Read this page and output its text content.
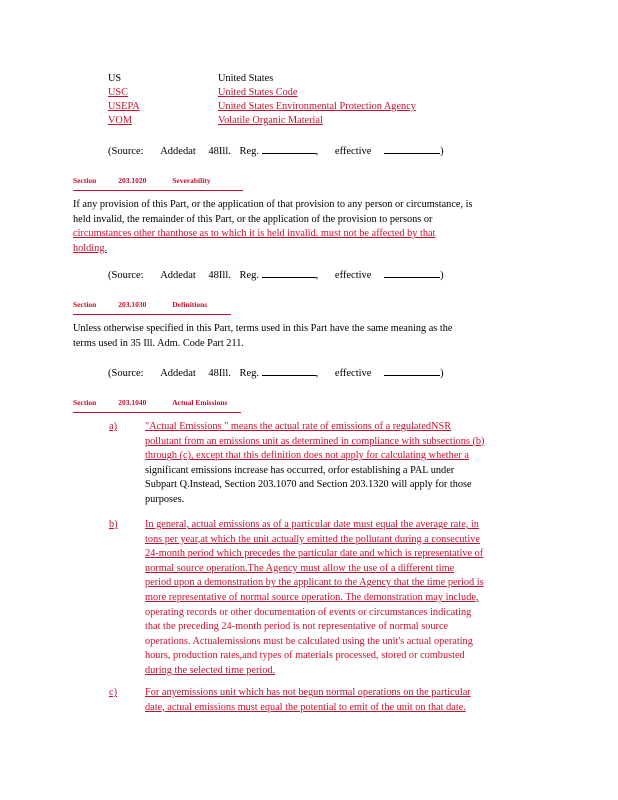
US	United States
USC	United States Code
USEPA	United States Environmental Protection Agency
VOM	Volatile Organic Material
(Source: Addedat 48Ill. Reg.	, effective	)
Section	203.1020	Severability
If any provision of this Part, or the application of that provision to any person or circumstance, is
held invalid, the remainder of this Part, or the application of the provision to persons or
circumstances other thanthose as to which it is held invalid. must not be affected by that
holding.
(Source: Addedat 48Ill. Reg.	, effective	)
Section	203.1030	Definitions
Unless otherwise specified in this Part, terms used in this Part have the same meaning as the
terms used in 35 Ill. Adm. Code Part 211.
(Source: Addedat 48Ill. Reg.	, effective	)
Section	203.1040	Actual Emissions
a)	"Actual Emissions " means the actual rate of emissions of a regulatedNSR
pollutant from an emissions unit as determined in compliance with subsections (b)
through (c), except that this definition does not apply for calculating whether a
significant emissions increase has occurred, orfor establishing a PAL under
Subpart Q.Instead, Section 203.1070 and Section 203.1320 will apply for those
purposes.
b)	In general, actual emissions as of a particular date must equal the average rate, in
tons per year,at which the unit actually emitted the pollutant during a consecutive
24-month period which precedes the particular date and which is representative of
normal source operation.The Agency must allow the use of a different time
period upon a demonstration by the applicant to the Agency that the time period is
more representative of normal source operation. The demonstration may include,
operating records or other documentation of events or circumstances indicating
that the preceding 24-month period is not representative of normal source
operations. Actualemissions must be calculated using the unit's actual operating
hours, production rates,and types of materials processed, stored or combusted
during the selected time period.
c)	For anyemissions unit which has not begun normal operations on the particular
date, actual emissions must equal the potential to emit of the unit on that date.
